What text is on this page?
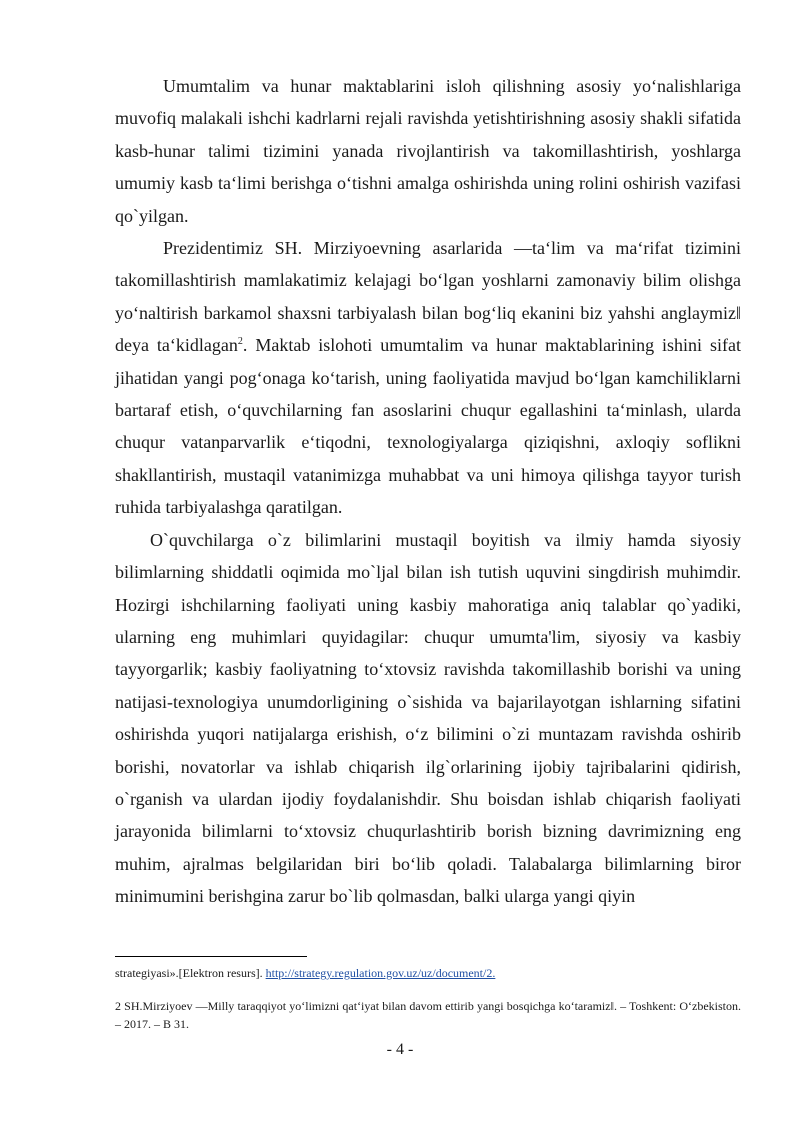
Umumtalim va hunar maktablarini isloh qilishning asosiy yo‘nalishlariga muvofiq malakali ishchi kadrlarni rejali ravishda yetishtirishning asosiy shakli sifatida kasb-hunar talimi tizimini yanada rivojlantirish va takomillashtirish, yoshlarga umumiy kasb ta‘limi berishga o‘tishni amalga oshirishda uning rolini oshirish vazifasi qo`yilgan.

Prezidentimiz SH. Mirziyoevning asarlarida ―ta‘lim va ma‘rifat tizimini takomillashtirish mamlakatimiz kelajagi bo‘lgan yoshlarni zamonaviy bilim olishga yo‘naltirish barkamol shaxsni tarbiyalash bilan bog‘liq ekanini biz yahshi anglaymiz‖ deya ta‘kidlagan$^2$. Maktab islohoti umumtalim va hunar maktablarining ishini sifat jihatidan yangi pog‘onaga ko‘tarish, uning faoliyatida mavjud bo‘lgan kamchiliklarni bartaraf etish, o‘quvchilarning fan asoslarini chuqur egallashini ta‘minlash, ularda chuqur vatanparvarlik e‘tiqodni, texnologiyalarga qiziqishni, axloqiy soflikni shakllantirish, mustaqil vatanimizga muhabbat va uni himoya qilishga tayyor turish ruhida tarbiyalashga qaratilgan.

O`quvchilarga o`z bilimlarini mustaqil boyitish va ilmiy hamda siyosiy bilimlarning shiddatli oqimida mo`ljal bilan ish tutish uquvini singdirish muhimdir. Hozirgi ishchilarning faoliyati uning kasbiy mahoratiga aniq talablar qo`yadiki, ularning eng muhimlari quyidagilar: chuqur umumta'lim, siyosiy va kasbiy tayyorgarlik; kasbiy faoliyatning to‘xtovsiz ravishda takomillashib borishi va uning natijasi-texnologiya unumdorligining o`sishida va bajarilayotgan ishlarning sifatini oshirishda yuqori natijalarga erishish, o‘z bilimini o`zi muntazam ravishda oshirib borishi, novatorlar va ishlab chiqarish ilg`orlarining ijobiy tajribalarini qidirish, o`rganish va ulardan ijodiy foydalanishdir. Shu boisdan ishlab chiqarish faoliyati jarayonida bilimlarni to‘xtovsiz chuqurlashtirib borish bizning davrimizning eng muhim, ajralmas belgilaridan biri bo‘lib qoladi. Talabalarga bilimlarning biror minimumini berishgina zarur bo`lib qolmasdan, balki ularga yangi qiyin

strategiyasi».[Elektron resurs]. http://strategy.regulation.gov.uz/uz/document/2.

2 SH.Mirziyoev ―Milly taraqqiyot yo‘limizni qat‘iyat bilan davom ettirib yangi bosqichga ko‘taramiz‖. – Toshkent: O‘zbekiston. – 2017. – B 31.

- 4 -
